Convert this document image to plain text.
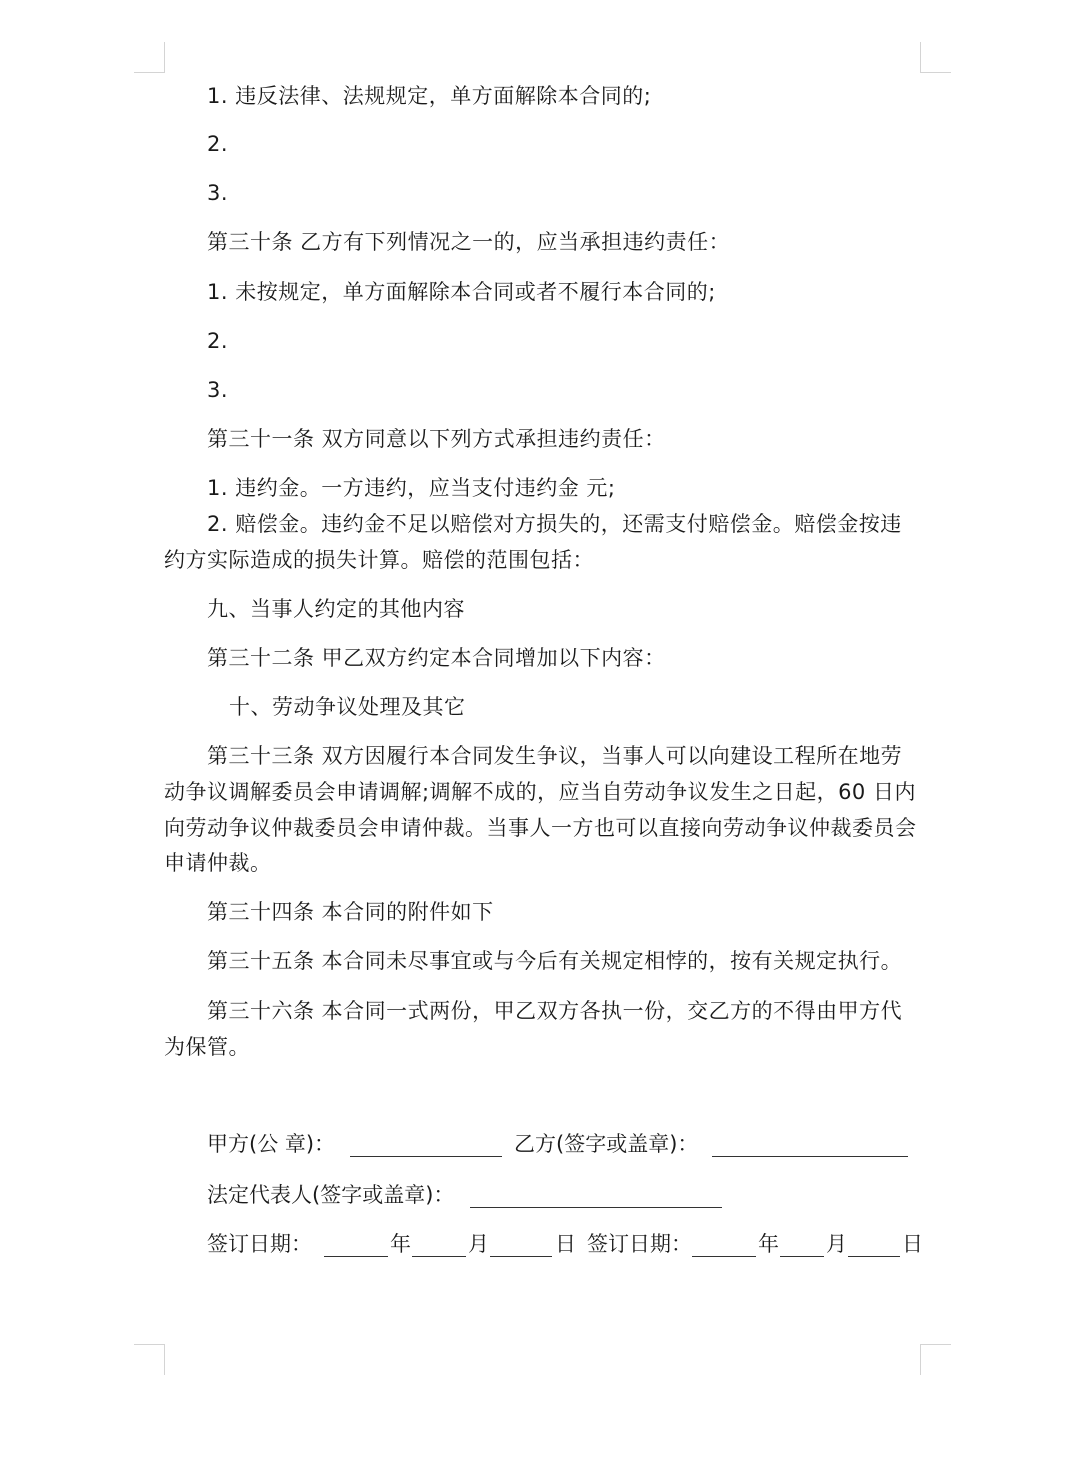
1. 违反法律、法规规定，单方面解除本合同的;
2.
3.
第三十条 乙方有下列情况之一的，应当承担违约责任：
1. 未按规定，单方面解除本合同或者不履行本合同的;
2.
3.
第三十一条 双方同意以下列方式承担违约责任：
1. 违约金。一方违约，应当支付违约金 元;
2. 赔偿金。违约金不足以赔偿对方损失的，还需支付赔偿金。赔偿金按违
约方实际造成的损失计算。赔偿的范围包括：
九、当事人约定的其他内容
第三十二条 甲乙双方约定本合同增加以下内容：
十、劳动争议处理及其它
第三十三条 双方因履行本合同发生争议，当事人可以向建设工程所在地劳
动争议调解委员会申请调解;调解不成的，应当自劳动争议发生之日起，60 日内
向劳动争议仲裁委员会申请仲裁。当事人一方也可以直接向劳动争议仲裁委员会
申请仲裁。
第三十四条 本合同的附件如下
第三十五条 本合同未尽事宜或与今后有关规定相悖的，按有关规定执行。
第三十六条 本合同一式两份，甲乙双方各执一份，交乙方的不得由甲方代
为保管。
甲方(公 章)：	乙方(签字或盖章)：
法定代表人(签字或盖章)：
签订日期：	年	月	日 签订日期：	年 月	日
